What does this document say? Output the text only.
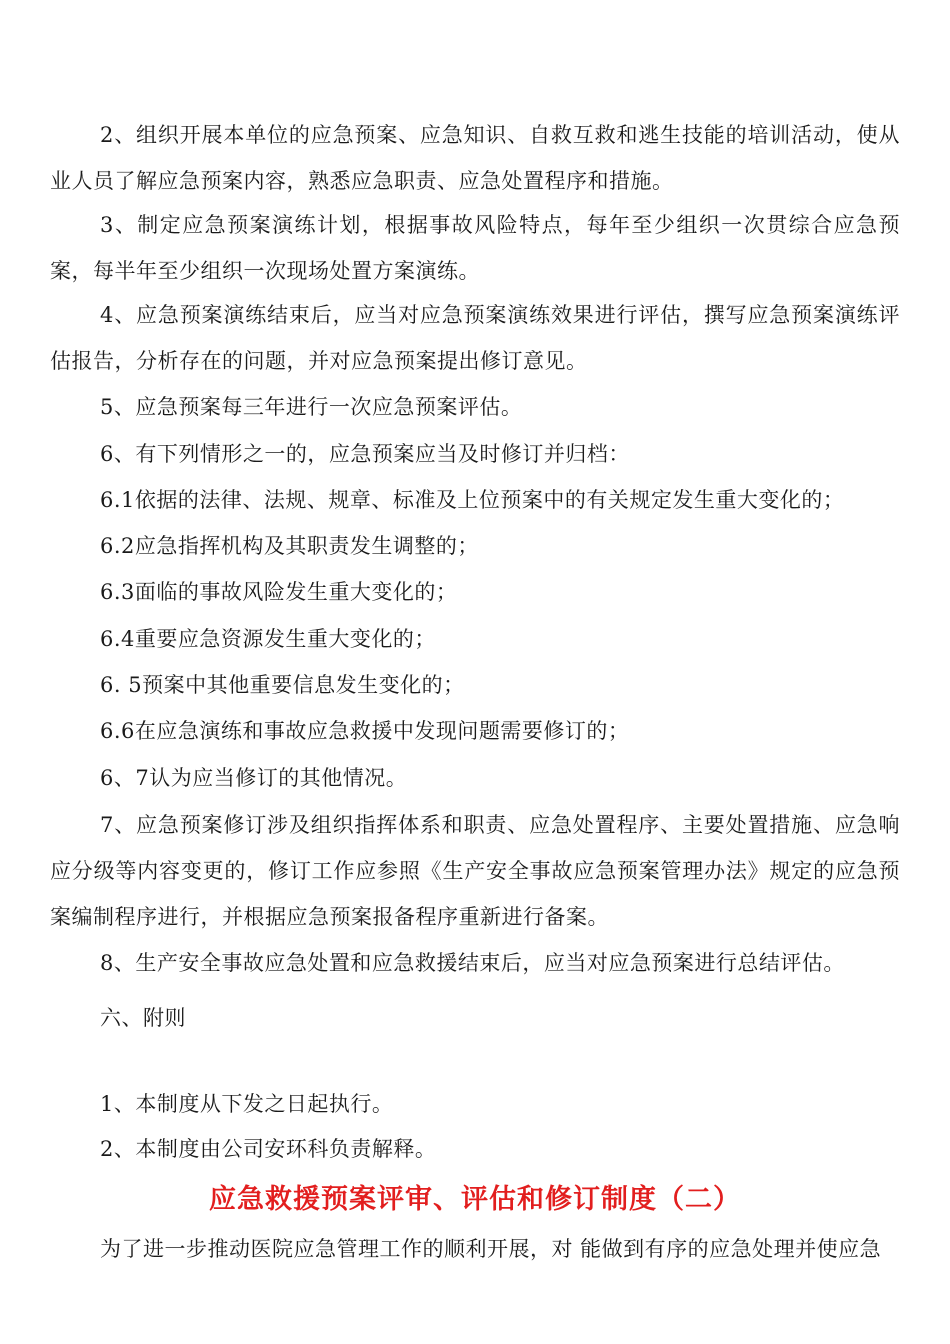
2、组织开展本单位的应急预案、应急知识、自救互救和逃生技能的培训活动，使从业人员了解应急预案内容，熟悉应急职责、应急处置程序和措施。

3、制定应急预案演练计划，根据事故风险特点，每年至少组织一次贯综合应急预案，每半年至少组织一次现场处置方案演练。

4、应急预案演练结束后，应当对应急预案演练效果进行评估，撰写应急预案演练评估报告，分析存在的问题，并对应急预案提出修订意见。

5、应急预案每三年进行一次应急预案评估。

6、有下列情形之一的，应急预案应当及时修订并归档：

6.1依据的法律、法规、规章、标准及上位预案中的有关规定发生重大变化的；

6.2应急指挥机构及其职责发生调整的；

6.3面临的事故风险发生重大变化的；

6.4重要应急资源发生重大变化的；

6. 5预案中其他重要信息发生变化的；

6.6在应急演练和事故应急救援中发现问题需要修订的；

6、7认为应当修订的其他情况。

7、应急预案修订涉及组织指挥体系和职责、应急处置程序、主要处置措施、应急响应分级等内容变更的，修订工作应参照《生产安全事故应急预案管理办法》规定的应急预案编制程序进行，并根据应急预案报备程序重新进行备案。

8、生产安全事故应急处置和应急救援结束后，应当对应急预案进行总结评估。

六、附则

1、本制度从下发之日起执行。

2、本制度由公司安环科负责解释。

应急救援预案评审、评估和修订制度（二）

为了进一步推动医院应急管理工作的顺利开展，对 能做到有序的应急处理并使应急
